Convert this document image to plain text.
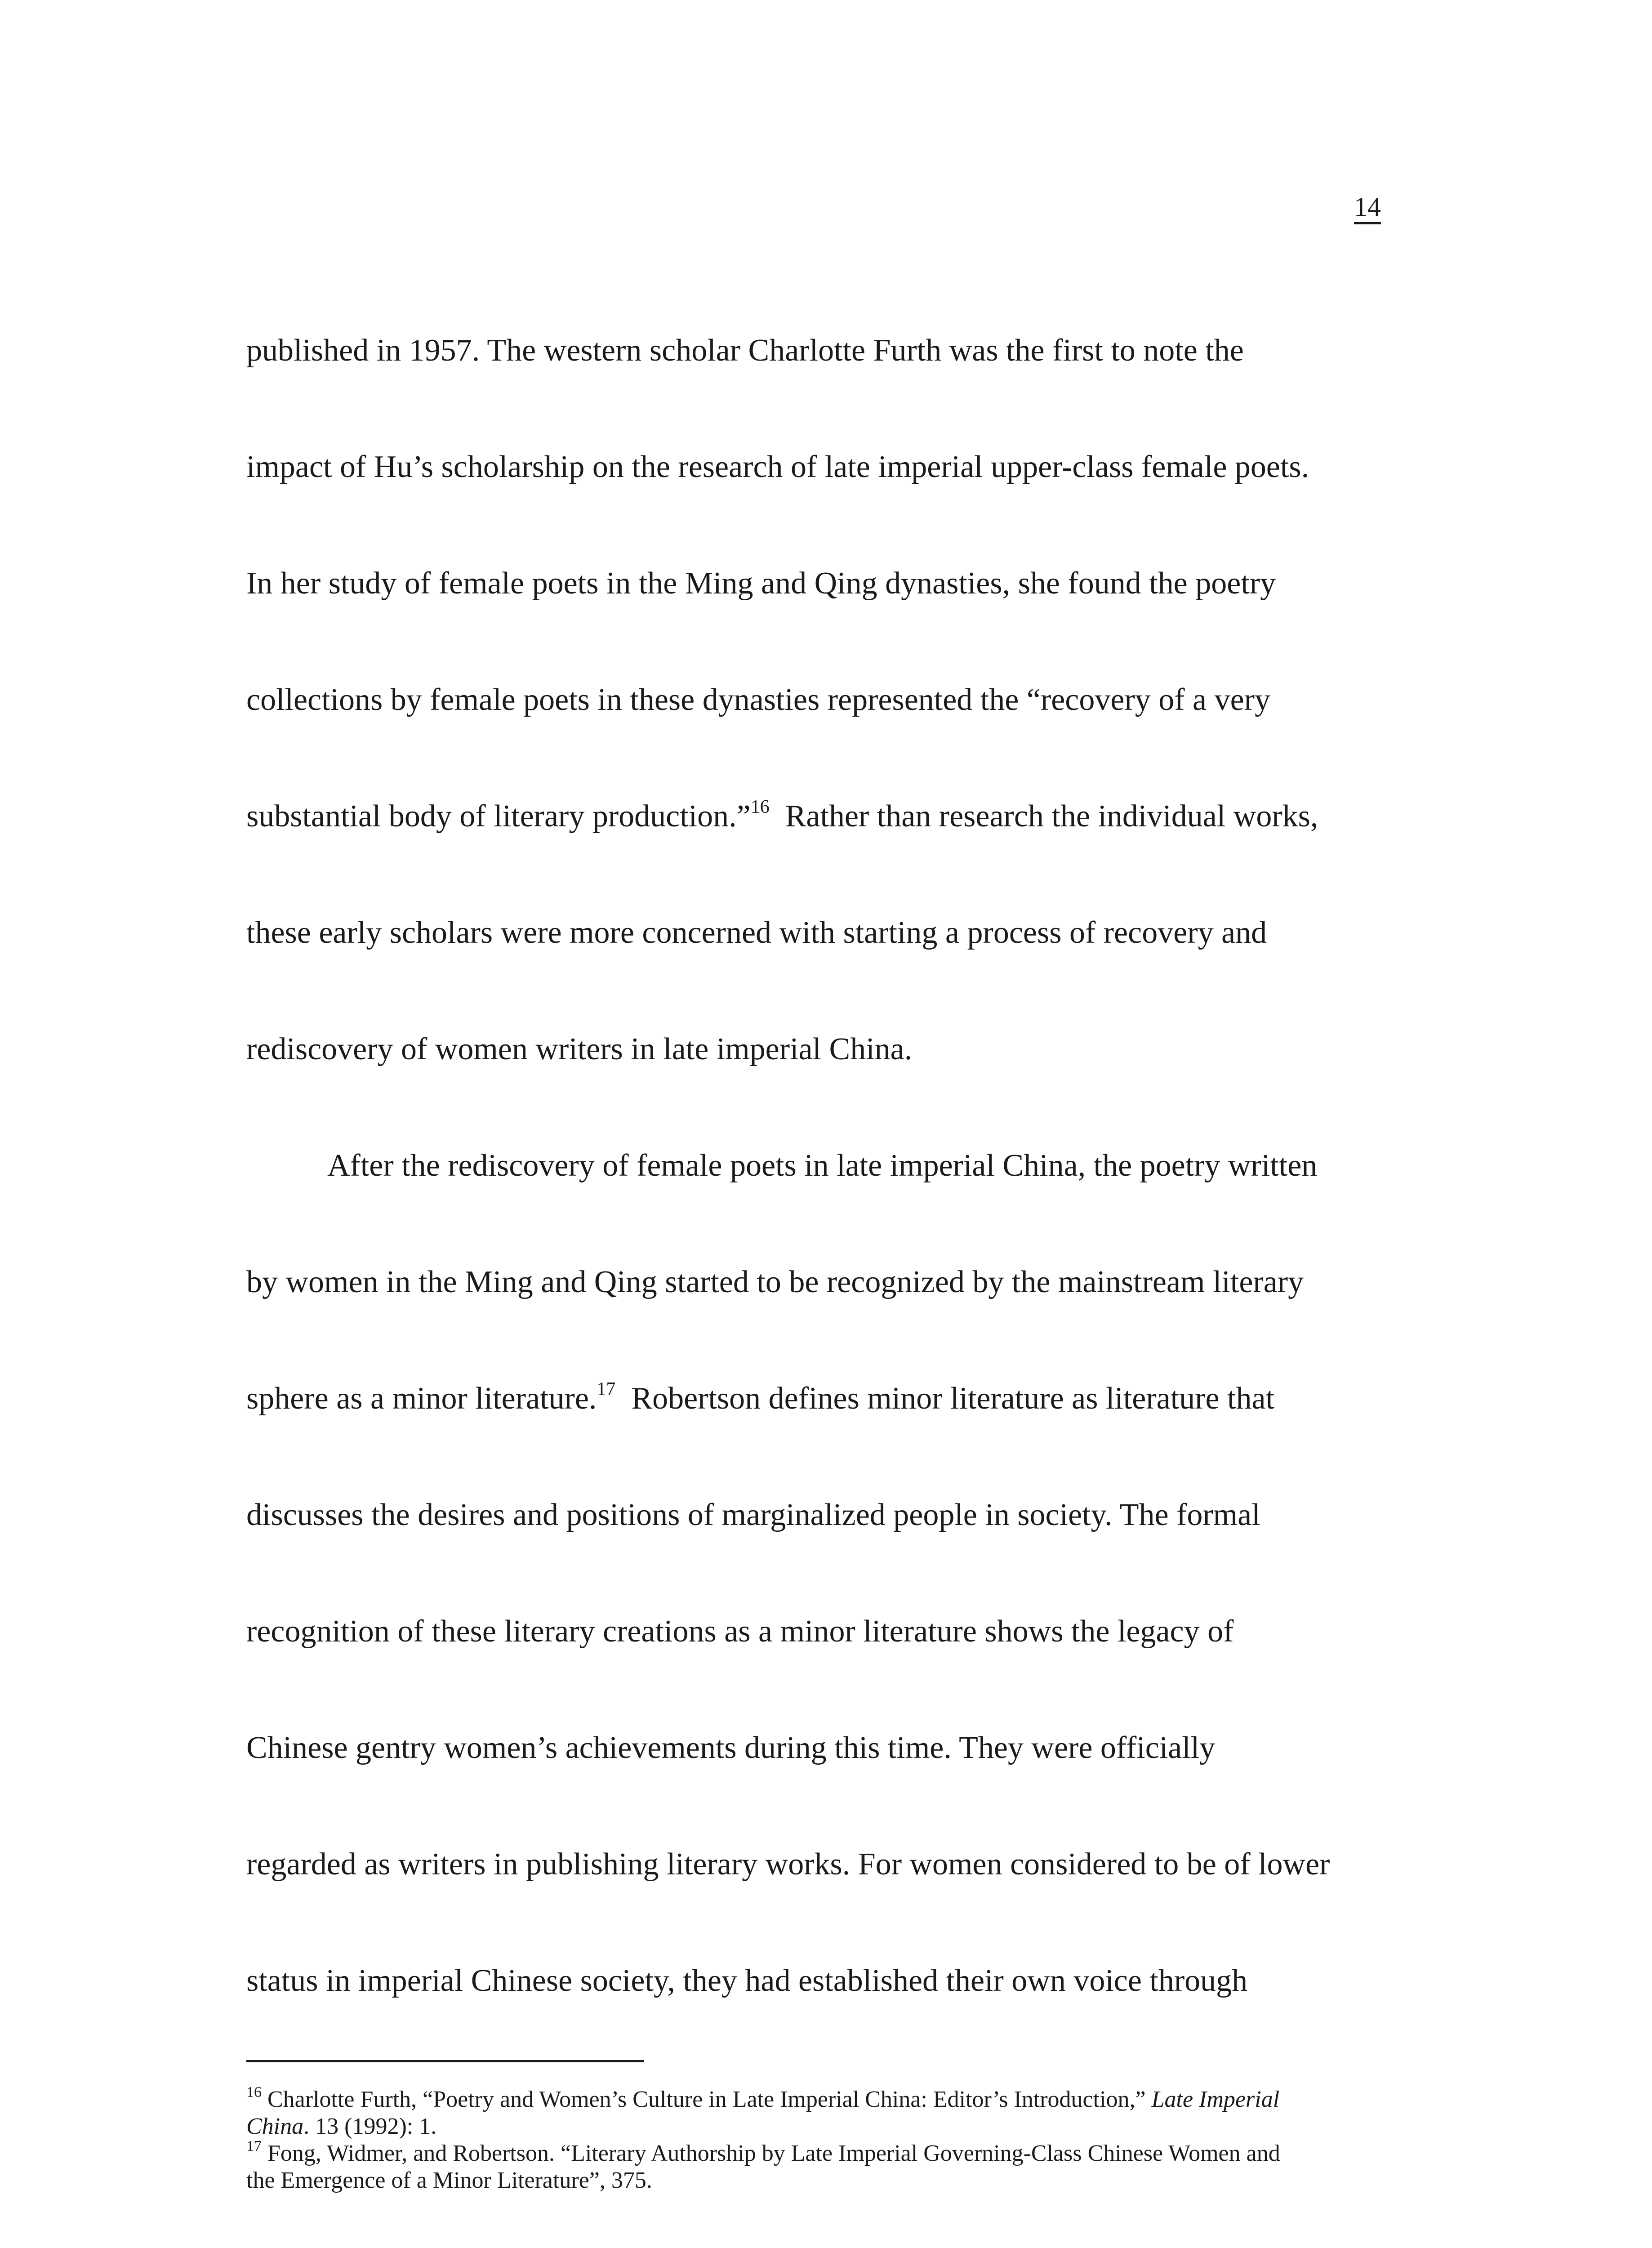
14
published in 1957. The western scholar Charlotte Furth was the first to note the
impact of Hu’s scholarship on the research of late imperial upper-class female poets.
In her study of female poets in the Ming and Qing dynasties, she found the poetry
collections by female poets in these dynasties represented the “recovery of a very
substantial body of literary production.”$^{16}$  Rather than research the individual works,
these early scholars were more concerned with starting a process of recovery and
rediscovery of women writers in late imperial China.
After the rediscovery of female poets in late imperial China, the poetry written
by women in the Ming and Qing started to be recognized by the mainstream literary
sphere as a minor literature.$^{17}$  Robertson defines minor literature as literature that
discusses the desires and positions of marginalized people in society. The formal
recognition of these literary creations as a minor literature shows the legacy of
Chinese gentry women’s achievements during this time. They were officially
regarded as writers in publishing literary works. For women considered to be of lower
status in imperial Chinese society, they had established their own voice through
$^{16}$ Charlotte Furth, “Poetry and Women’s Culture in Late Imperial China: Editor’s Introduction,” Late Imperial
China. 13 (1992): 1.
$^{17}$ Fong, Widmer, and Robertson. “Literary Authorship by Late Imperial Governing-Class Chinese Women and
the Emergence of a Minor Literature”, 375.
